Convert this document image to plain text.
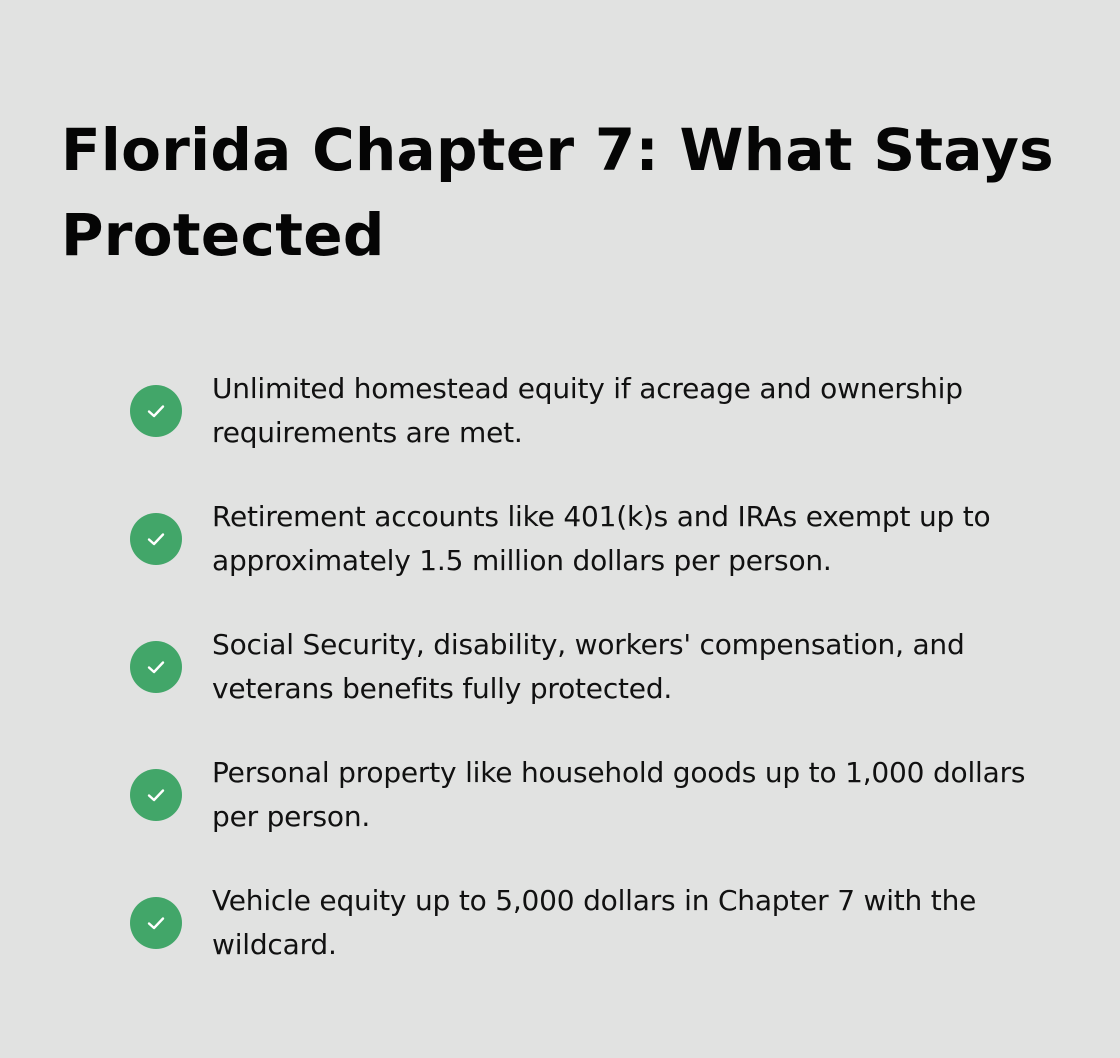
Florida Chapter 7: What Stays Protected
Unlimited homestead equity if acreage and ownership requirements are met.
Retirement accounts like 401(k)s and IRAs exempt up to approximately 1.5 million dollars per person.
Social Security, disability, workers' compensation, and veterans benefits fully protected.
Personal property like household goods up to 1,000 dollars per person.
Vehicle equity up to 5,000 dollars in Chapter 7 with the wildcard.
